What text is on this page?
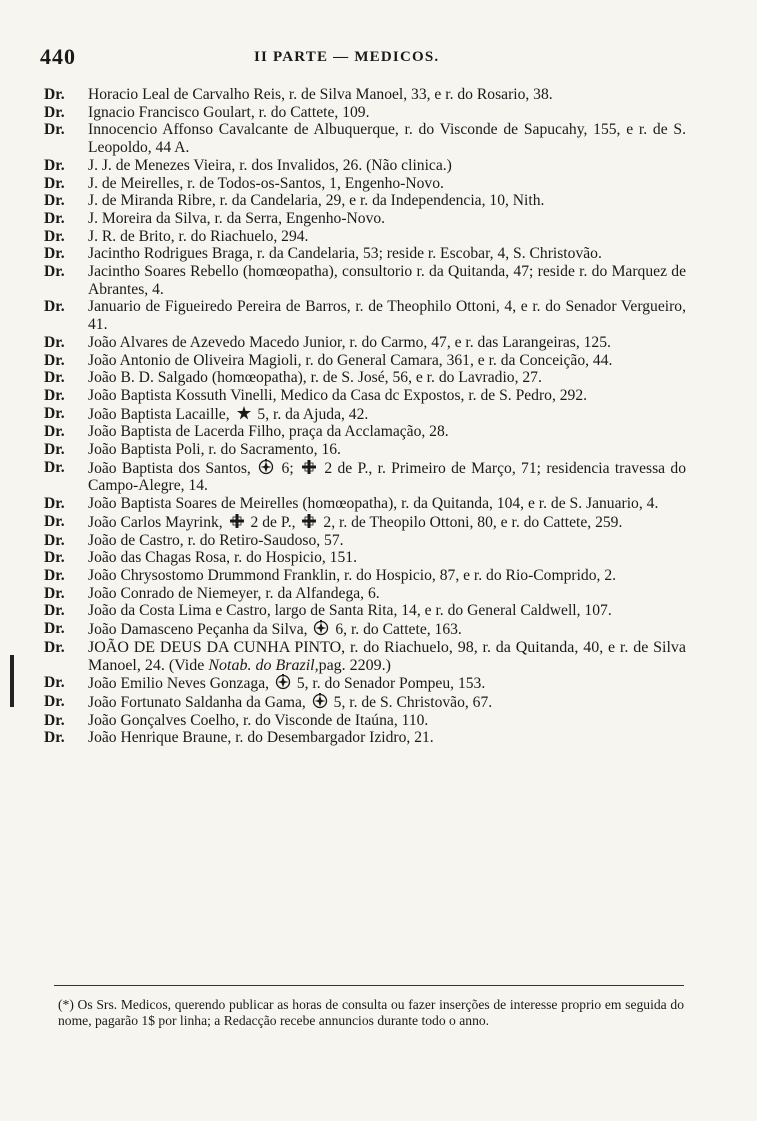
440	II PARTE — MEDICOS.
Dr. Horacio Leal de Carvalho Reis, r. de Silva Manoel, 33, e r. do Rosario, 38.
Dr. Ignacio Francisco Goulart, r. do Cattete, 109.
Dr. Innocencio Affonso Cavalcante de Albuquerque, r. do Visconde de Sapucahy, 155, e r. de S. Leopoldo, 44 A.
Dr. J. J. de Menezes Vieira, r. dos Invalidos, 26. (Não clinica.)
Dr. J. de Meirelles, r. de Todos-os-Santos, 1, Engenho-Novo.
Dr. J. de Miranda Ribre, r. da Candelaria, 29, e r. da Independencia, 10, Nith.
Dr. J. Moreira da Silva, r. da Serra, Engenho-Novo.
Dr. J. R. de Brito, r. do Riachuelo, 294.
Dr. Jacintho Rodrigues Braga, r. da Candelaria, 53; reside r. Escobar, 4, S. Christovão.
Dr. Jacintho Soares Rebello (homœopatha), consultorio r. da Quitanda, 47; reside r. do Marquez de Abrantes, 4.
Dr. Januario de Figueiredo Pereira de Barros, r. de Theophilo Ottoni, 4, e r. do Senador Vergueiro, 41.
Dr. João Alvares de Azevedo Macedo Junior, r. do Carmo, 47, e r. das Larangeiras, 125.
Dr. João Antonio de Oliveira Magioli, r. do General Camara, 361, e r. da Conceição, 44.
Dr. João B. D. Salgado (homœopatha), r. de S. José, 56, e r. do Lavradio, 27.
Dr. João Baptista Kossuth Vinelli, Medico da Casa dc Expostos, r. de S. Pedro, 292.
Dr. João Baptista Lacaille, 5, r. da Ajuda, 42.
Dr. João Baptista de Lacerda Filho, praça da Acclamação, 28.
Dr. João Baptista Poli, r. do Sacramento, 16.
Dr. João Baptista dos Santos, 6; 2 de P., r. Primeiro de Março, 71; residencia travessa do Campo-Alegre, 14.
Dr. João Baptista Soares de Meirelles (homœopatha), r. da Quitanda, 104, e r. de S. Januario, 4.
Dr. João Carlos Mayrink, 2 de P., 2, r. de Theopilo Ottoni, 80, e r. do Cattete, 259.
Dr. João de Castro, r. do Retiro-Saudoso, 57.
Dr. João das Chagas Rosa, r. do Hospicio, 151.
Dr. João Chrysostomo Drummond Franklin, r. do Hospicio, 87, e r. do Rio-Comprido, 2.
Dr. João Conrado de Niemeyer, r. da Alfandega, 6.
Dr. João da Costa Lima e Castro, largo de Santa Rita, 14, e r. do General Caldwell, 107.
Dr. João Damasceno Peçanha da Silva, 6, r. do Cattete, 163.
Dr. JOÃO DE DEUS DA CUNHA PINTO, r. do Riachuelo, 98, r. da Quitanda, 40, e r. de Silva Manoel, 24. (Vide Notab. do Brazil,pag. 2209.)
Dr. João Emilio Neves Gonzaga, 5, r. do Senador Pompeu, 153.
Dr. João Fortunato Saldanha da Gama, 5, r. de S. Christovão, 67.
Dr. João Gonçalves Coelho, r. do Visconde de Itaúna, 110.
Dr. João Henrique Braune, r. do Desembargador Izidro, 21.
(*) Os Srs. Medicos, querendo publicar as horas de consulta ou fazer inserções de interesse proprio em seguida do nome, pagarão 1$ por linha; a Redacção recebe annuncios durante todo o anno.
